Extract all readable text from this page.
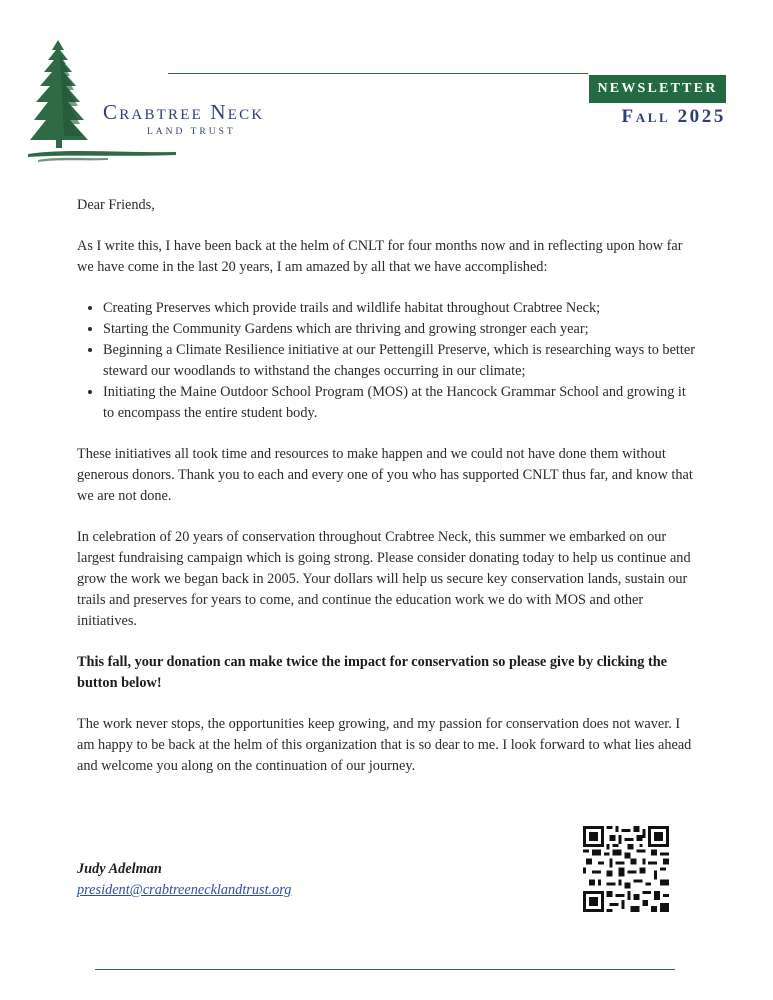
Crabtree Neck
LAND TRUST
NEWSLETTER
Fall 2025

Dear Friends,

As I write this, I have been back at the helm of CNLT for four months now and in reflecting upon how far we have come in the last 20 years, I am amazed by all that we have accomplished:

• Creating Preserves which provide trails and wildlife habitat throughout Crabtree Neck;
• Starting the Community Gardens which are thriving and growing stronger each year;
• Beginning a Climate Resilience initiative at our Pettengill Preserve, which is researching ways to better steward our woodlands to withstand the changes occurring in our climate;
• Initiating the Maine Outdoor School Program (MOS) at the Hancock Grammar School and growing it to encompass the entire student body.

These initiatives all took time and resources to make happen and we could not have done them without generous donors. Thank you to each and every one of you who has supported CNLT thus far, and know that we are not done.

In celebration of 20 years of conservation throughout Crabtree Neck, this summer we embarked on our largest fundraising campaign which is going strong. Please consider donating today to help us continue and grow the work we began back in 2005. Your dollars will help us secure key conservation lands, sustain our trails and preserves for years to come, and continue the education work we do with MOS and other initiatives.

This fall, your donation can make twice the impact for conservation so please give by clicking the button below!

The work never stops, the opportunities keep growing, and my passion for conservation does not waver. I am happy to be back at the helm of this organization that is so dear to me. I look forward to what lies ahead and welcome you along on the continuation of our journey.

Judy Adelman
president@crabtreenecklandtrust.org
